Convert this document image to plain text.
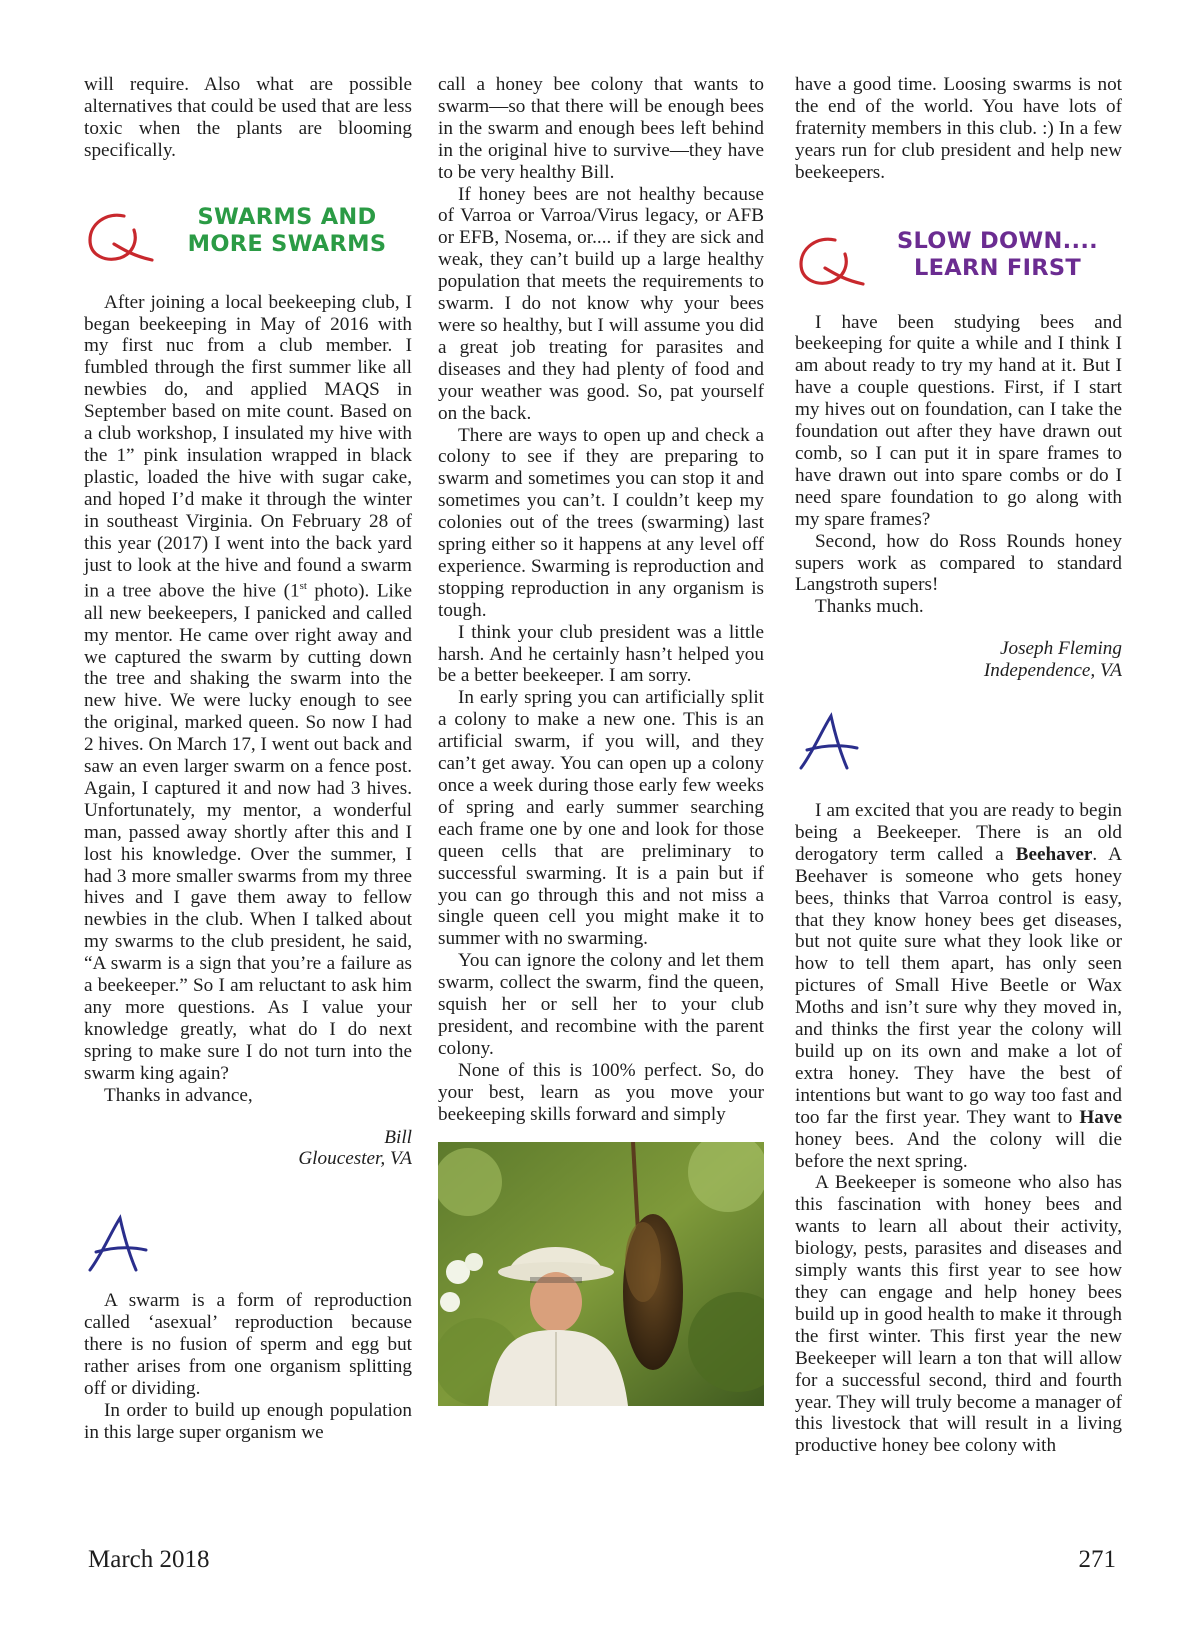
will require. Also what are possible alternatives that could be used that are less toxic when the plants are blooming specifically.

SWARMS AND MORE SWARMS

After joining a local beekeeping club, I began beekeeping in May of 2016 with my first nuc from a club member. I fumbled through the first summer like all newbies do, and applied MAQS in September based on mite count. Based on a club workshop, I insulated my hive with the 1” pink insulation wrapped in black plastic, loaded the hive with sugar cake, and hoped I’d make it through the winter in southeast Virginia. On February 28 of this year (2017) I went into the back yard just to look at the hive and found a swarm in a tree above the hive (1st photo). Like all new beekeepers, I panicked and called my mentor. He came over right away and we captured the swarm by cutting down the tree and shaking the swarm into the new hive. We were lucky enough to see the original, marked queen. So now I had 2 hives. On March 17, I went out back and saw an even larger swarm on a fence post. Again, I captured it and now had 3 hives. Unfortunately, my mentor, a wonderful man, passed away shortly after this and I lost his knowledge. Over the summer, I had 3 more smaller swarms from my three hives and I gave them away to fellow newbies in the club. When I talked about my swarms to the club president, he said, “A swarm is a sign that you’re a failure as a beekeeper.” So I am reluctant to ask him any more questions. As I value your knowledge greatly, what do I do next spring to make sure I do not turn into the swarm king again?

Thanks in advance,

Bill

Gloucester, VA

A swarm is a form of reproduction called ‘asexual’ reproduction because there is no fusion of sperm and egg but rather arises from one organism splitting off or dividing.

In order to build up enough population in this large super organism we

call a honey bee colony that wants to swarm—so that there will be enough bees in the swarm and enough bees left behind in the original hive to survive—they have to be very healthy Bill.

If honey bees are not healthy because of Varroa or Varroa/Virus legacy, or AFB or EFB, Nosema, or.... if they are sick and weak, they can’t build up a large healthy population that meets the requirements to swarm. I do not know why your bees were so healthy, but I will assume you did a great job treating for parasites and diseases and they had plenty of food and your weather was good. So, pat yourself on the back.

There are ways to open up and check a colony to see if they are preparing to swarm and sometimes you can stop it and sometimes you can’t. I couldn’t keep my colonies out of the trees (swarming) last spring either so it happens at any level off experience. Swarming is reproduction and stopping reproduction in any organism is tough.

I think your club president was a little harsh. And he certainly hasn’t helped you be a better beekeeper. I am sorry.

In early spring you can artificially split a colony to make a new one. This is an artificial swarm, if you will, and they can’t get away. You can open up a colony once a week during those early few weeks of spring and early summer searching each frame one by one and look for those queen cells that are preliminary to successful swarming. It is a pain but if you can go through this and not miss a single queen cell you might make it to summer with no swarming.

You can ignore the colony and let them swarm, collect the swarm, find the queen, squish her or sell her to your club president, and recombine with the parent colony.

None of this is 100% perfect. So, do your best, learn as you move your beekeeping skills forward and simply

have a good time. Loosing swarms is not the end of the world. You have lots of fraternity members in this club. :) In a few years run for club president and help new beekeepers.

SLOW DOWN....
LEARN FIRST

I have been studying bees and beekeeping for quite a while and I think I am about ready to try my hand at it. But I have a couple questions. First, if I start my hives out on foundation, can I take the foundation out after they have drawn out comb, so I can put it in spare frames to have drawn out into spare combs or do I need spare foundation to go along with my spare frames?

Second, how do Ross Rounds honey supers work as compared to standard Langstroth supers!

Thanks much.

Joseph Fleming

Independence, VA

I am excited that you are ready to begin being a Beekeeper. There is an old derogatory term called a Beehaver. A Beehaver is someone who gets honey bees, thinks that Varroa control is easy, that they know honey bees get diseases, but not quite sure what they look like or how to tell them apart, has only seen pictures of Small Hive Beetle or Wax Moths and isn’t sure why they moved in, and thinks the first year the colony will build up on its own and make a lot of extra honey. They have the best of intentions but want to go way too fast and too far the first year. They want to Have honey bees. And the colony will die before the next spring.

A Beekeeper is someone who also has this fascination with honey bees and wants to learn all about their activity, biology, pests, parasites and diseases and simply wants this first year to see how they can engage and help honey bees build up in good health to make it through the first winter. This first year the new Beekeeper will learn a ton that will allow for a successful second, third and fourth year. They will truly become a manager of this livestock that will result in a living productive honey bee colony with

March 2018	271
